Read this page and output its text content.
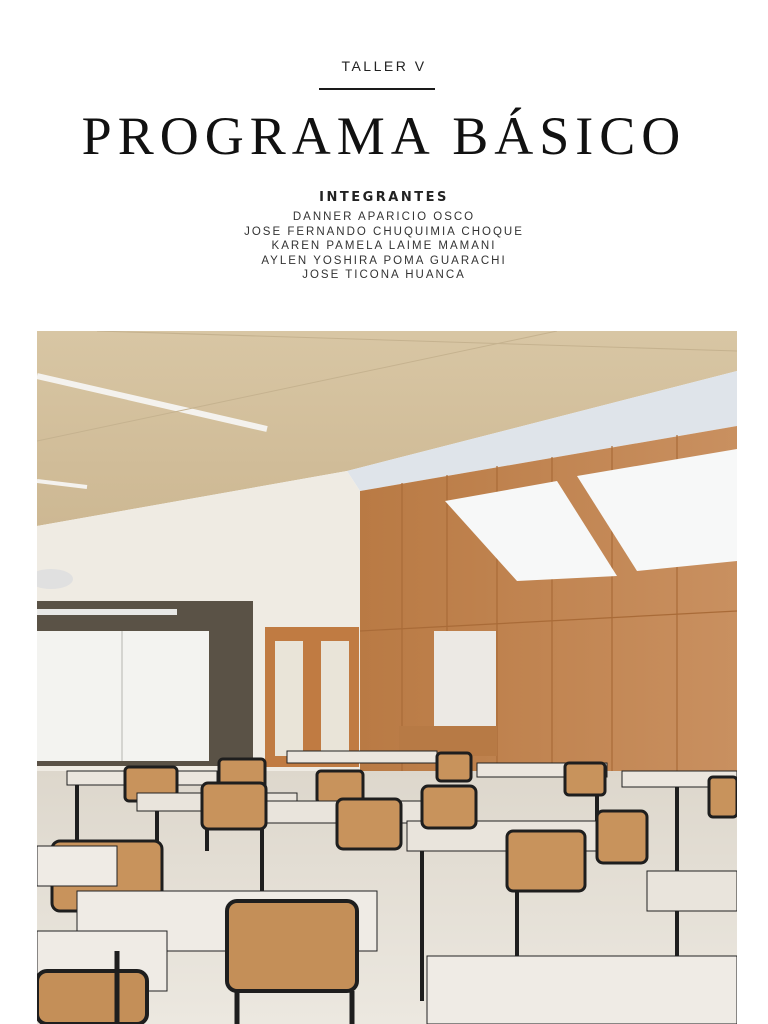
TALLER V
PROGRAMA BÁSICO
INTEGRANTES
DANNER APARICIO OSCO
JOSE FERNANDO CHUQUIMIA CHOQUE
KAREN PAMELA LAIME MAMANI
AYLEN YOSHIRA POMA GUARACHI
JOSE TICONA HUANCA
